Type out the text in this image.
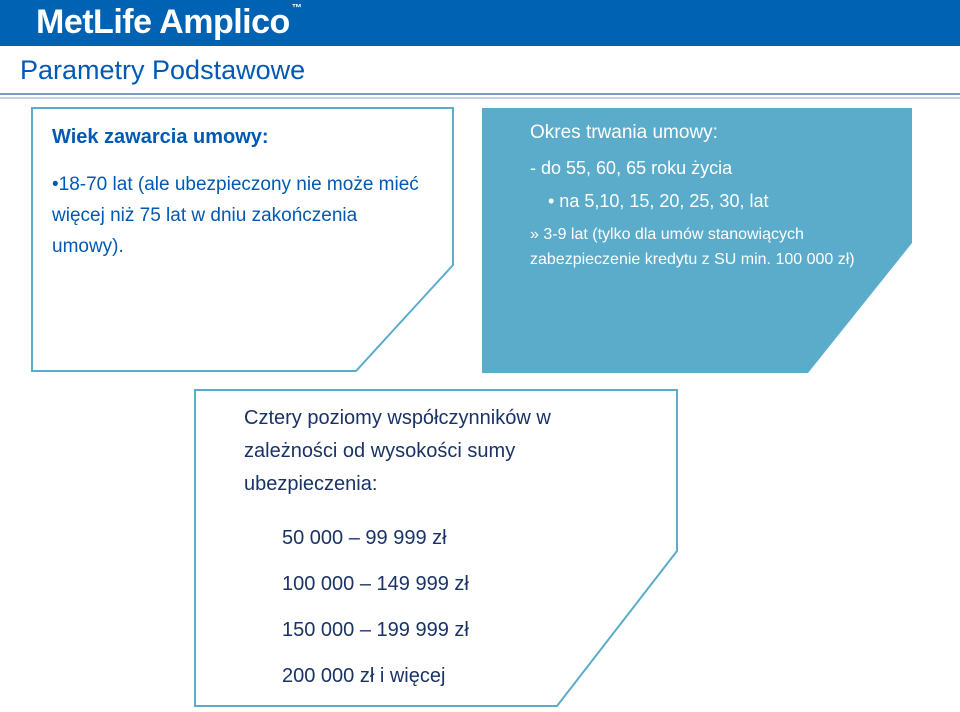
MetLife Amplico ™
Parametry Podstawowe
Wiek zawarcia umowy:
•18-70 lat (ale ubezpieczony nie może mieć więcej niż 75 lat w dniu zakończenia umowy).
Okres trwania umowy:
- do 55, 60, 65 roku życia
• na 5,10, 15, 20, 25, 30, lat
» 3-9 lat (tylko dla umów stanowiących zabezpieczenie kredytu z SU min. 100 000 zł)
Cztery poziomy współczynników w zależności od wysokości sumy ubezpieczenia:
50 000 – 99 999 zł
100 000 – 149 999 zł
150 000 – 199 999 zł
200 000 zł i więcej
